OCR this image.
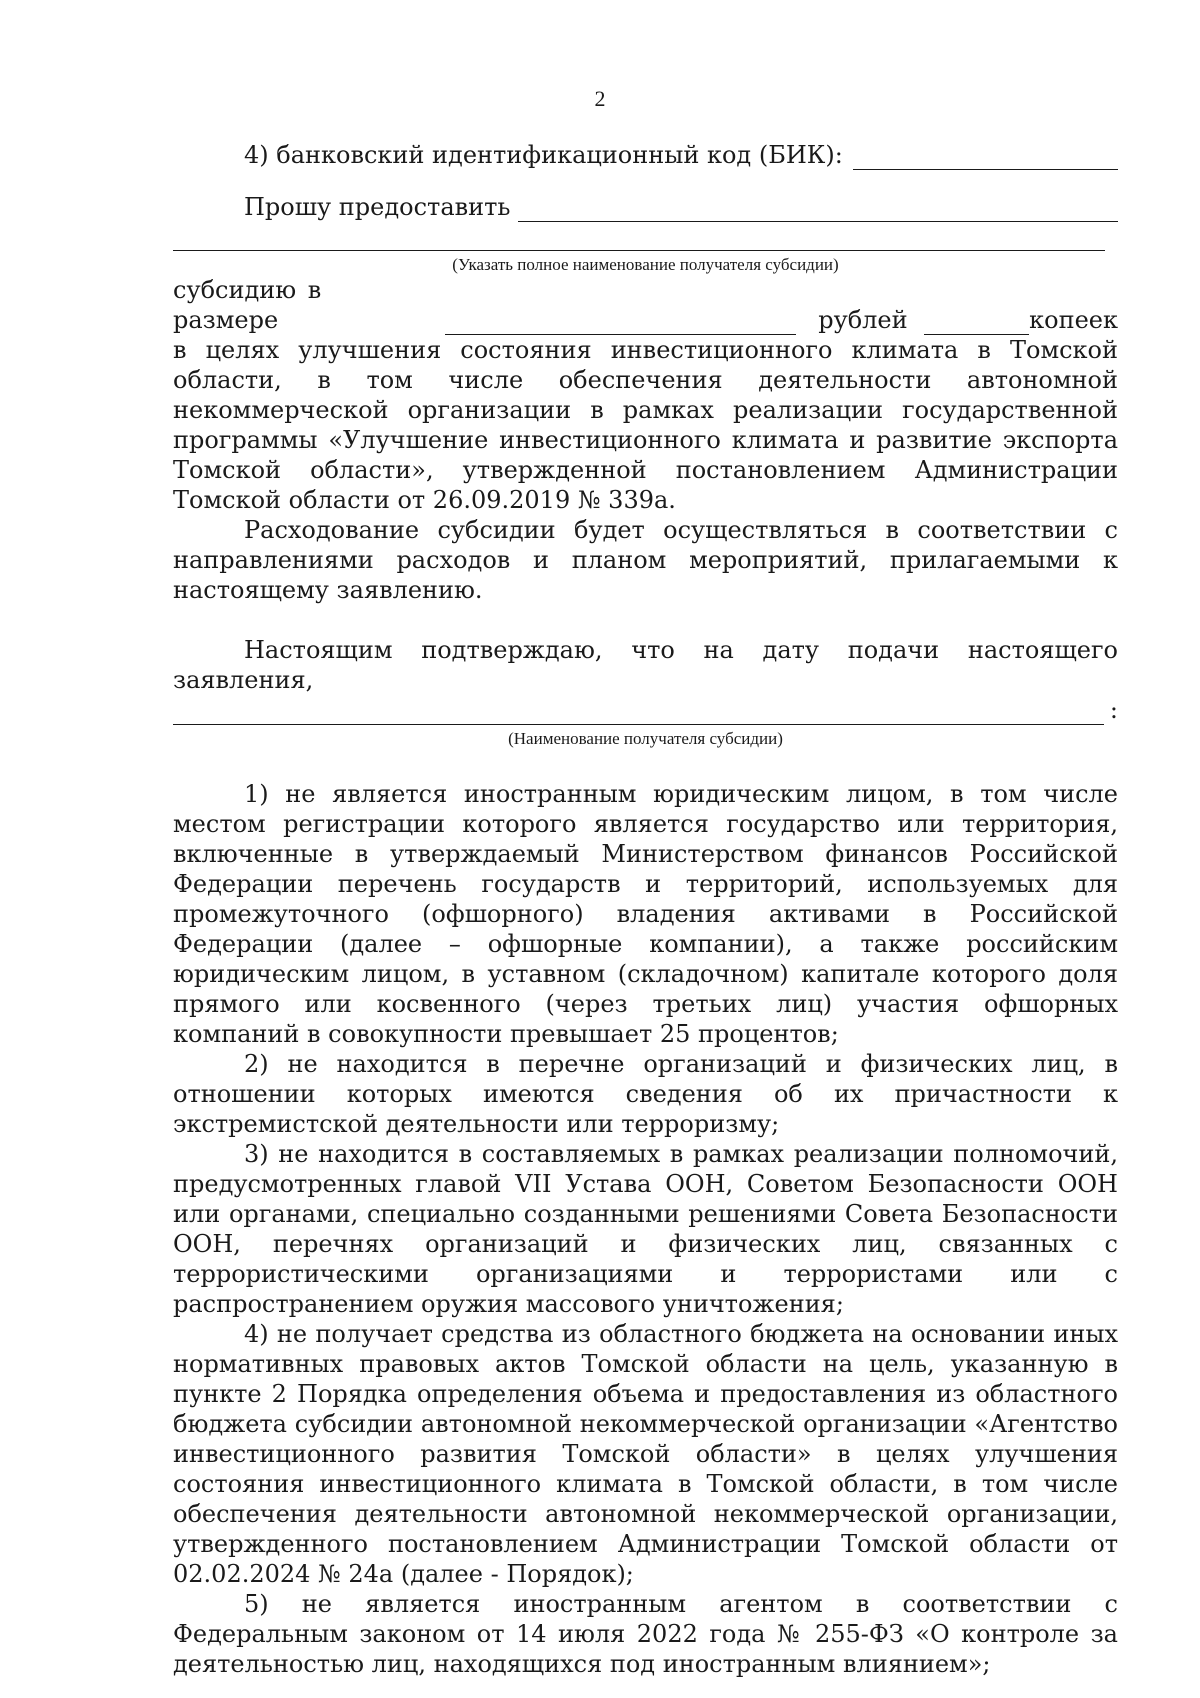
2
4) банковский идентификационный код (БИК):
Прошу предоставить
(Указать полное наименование получателя субсидии)
субсидию в размере	рублей	копеек

в целях улучшения состояния инвестиционного климата в Томской области, в том числе обеспечения деятельности автономной некоммерческой организации в рамках реализации государственной программы «Улучшение инвестиционного климата и развитие экспорта Томской области», утвержденной постановлением Администрации Томской области от 26.09.2019 № 339а.

Расходование субсидии будет осуществляться в соответствии с направлениями расходов и планом мероприятий, прилагаемыми к настоящему заявлению.

Настоящим подтверждаю, что на дату подачи настоящего заявления,

:
(Наименование получателя субсидии)

1) не является иностранным юридическим лицом, в том числе местом регистрации которого является государство или территория, включенные в утверждаемый Министерством финансов Российской Федерации перечень государств и территорий, используемых для промежуточного (офшорного) владения активами в Российской Федерации (далее – офшорные компании), а также российским юридическим лицом, в уставном (складочном) капитале которого доля прямого или косвенного (через третьих лиц) участия офшорных компаний в совокупности превышает 25 процентов;

2) не находится в перечне организаций и физических лиц, в отношении которых имеются сведения об их причастности к экстремистской деятельности или терроризму;

3) не находится в составляемых в рамках реализации полномочий, предусмотренных главой VII Устава ООН, Советом Безопасности ООН или органами, специально созданными решениями Совета Безопасности ООН, перечнях организаций и физических лиц, связанных с террористическими организациями и террористами или с распространением оружия массового уничтожения;

4) не получает средства из областного бюджета на основании иных нормативных правовых актов Томской области на цель, указанную в пункте 2 Порядка определения объема и предоставления из областного бюджета субсидии автономной некоммерческой организации «Агентство инвестиционного развития Томской области» в целях улучшения состояния инвестиционного климата в Томской области, в том числе обеспечения деятельности автономной некоммерческой организации, утвержденного постановлением Администрации Томской области от 02.02.2024 № 24а (далее - Порядок);

5) не является иностранным агентом в соответствии с Федеральным законом от 14 июля 2022 года № 255-ФЗ «О контроле за деятельностью лиц, находящихся под иностранным влиянием»;
